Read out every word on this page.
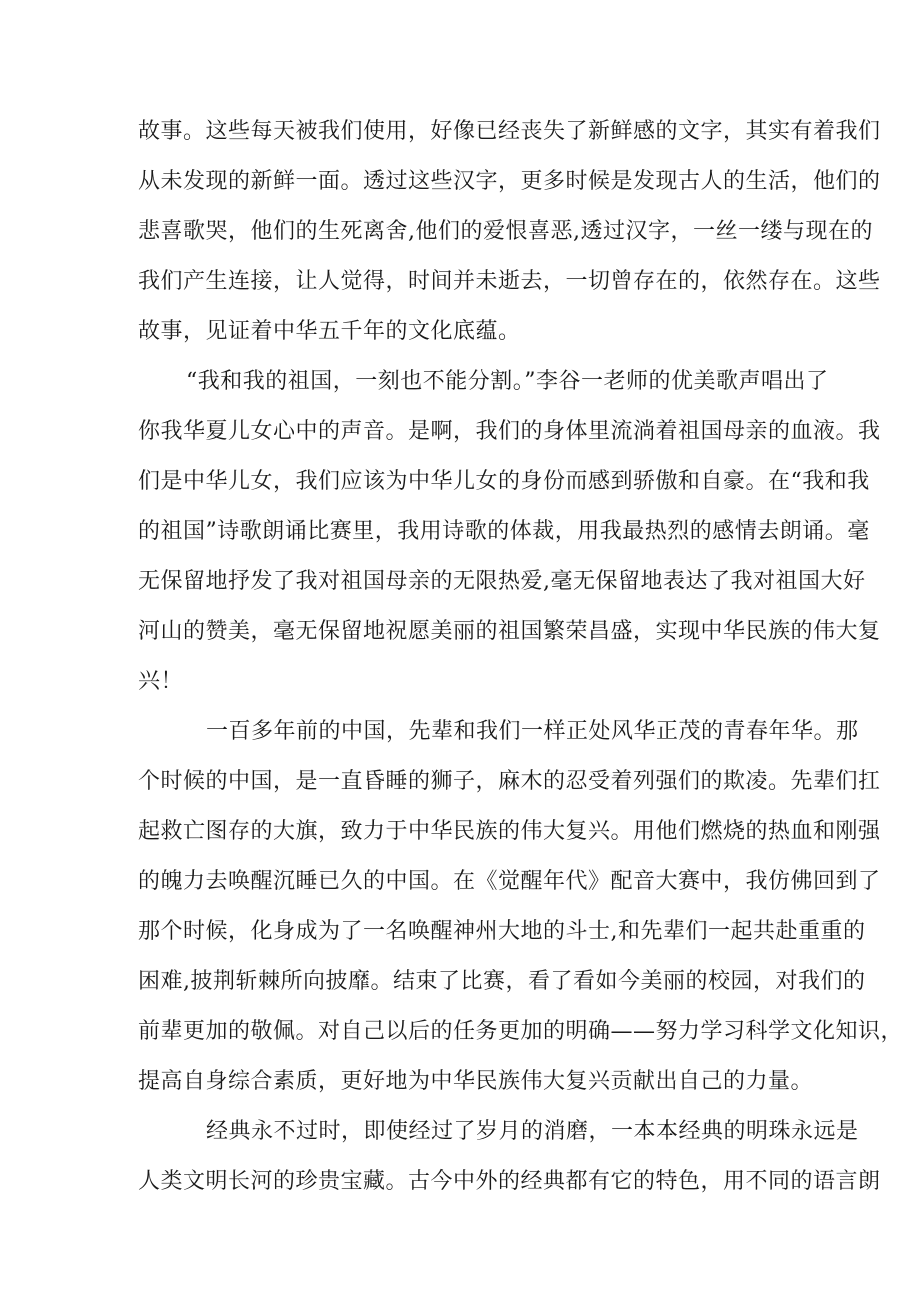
故事。这些每天被我们使用，好像已经丧失了新鲜感的文字，其实有着我们
从未发现的新鲜一面。透过这些汉字，更多时候是发现古人的生活，他们的
悲喜歌哭，他们的生死离舍,他们的爱恨喜恶,透过汉字，一丝一缕与现在的
我们产生连接，让人觉得，时间并未逝去，一切曾存在的，依然存在。这些
故事，见证着中华五千年的文化底蕴。
“我和我的祖国，一刻也不能分割。”李谷一老师的优美歌声唱出了
你我华夏儿女心中的声音。是啊，我们的身体里流淌着祖国母亲的血液。我
们是中华儿女，我们应该为中华儿女的身份而感到骄傲和自豪。在“我和我
的祖国”诗歌朗诵比赛里，我用诗歌的体裁，用我最热烈的感情去朗诵。毫
无保留地抒发了我对祖国母亲的无限热爱,毫无保留地表达了我对祖国大好
河山的赞美，毫无保留地祝愿美丽的祖国繁荣昌盛，实现中华民族的伟大复
兴！
一百多年前的中国，先辈和我们一样正处风华正茂的青春年华。那
个时候的中国，是一直昏睡的狮子，麻木的忍受着列强们的欺凌。先辈们扛
起救亡图存的大旗，致力于中华民族的伟大复兴。用他们燃烧的热血和刚强
的魄力去唤醒沉睡已久的中国。在《觉醒年代》配音大赛中，我仿佛回到了
那个时候，化身成为了一名唤醒神州大地的斗士,和先辈们一起共赴重重的
困难,披荆斩棘所向披靡。结束了比赛，看了看如今美丽的校园，对我们的
前辈更加的敬佩。对自己以后的任务更加的明确——努力学习科学文化知识，
提高自身综合素质，更好地为中华民族伟大复兴贡献出自己的力量。
经典永不过时，即使经过了岁月的消磨，一本本经典的明珠永远是
人类文明长河的珍贵宝藏。古今中外的经典都有它的特色，用不同的语言朗
